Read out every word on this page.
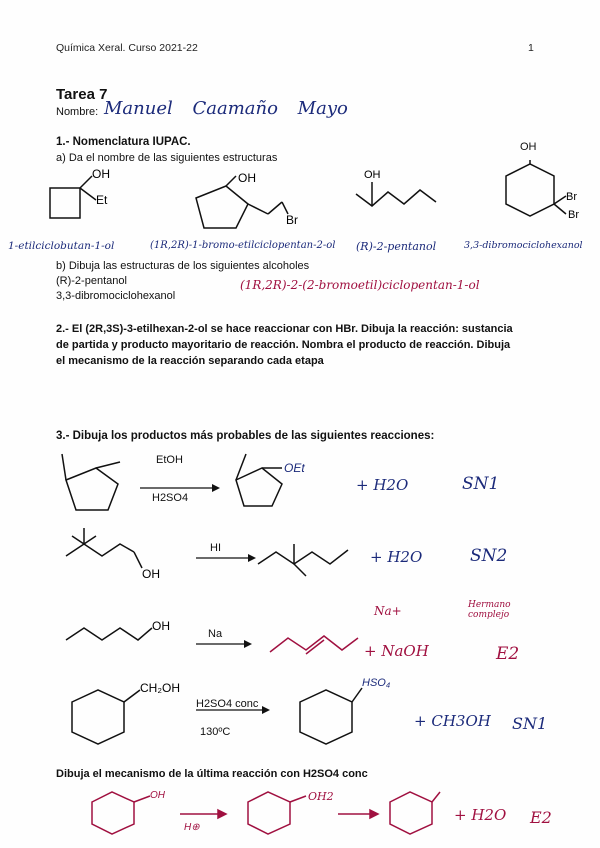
Química Xeral. Curso 2021-22	1
Tarea 7
Nombre: Manuel Caamaño Mayo
1.- Nomenclatura IUPAC.
a) Da el nombre de las siguientes estructuras
OH
Et
OH
Br
OH
Br
Br
OH
1-etilciclobutan-1-ol	(1R,2R)-1-bromo-etilciclopentan-2-ol (R)-2-pentanol	3,3-dibromociclohexanol
b) Dibuja las estructuras de los siguientes alcoholes
(R)-2-pentanol
3,3-dibromociclohexanol
(1R,2R)-2-(2-bromoetil)ciclopentan-1-ol
2.- El (2R,3S)-3-etilhexan-2-ol se hace reaccionar con HBr. Dibuja la reacción: sustancia
de partida y producto mayoritario de reacción. Nombra el producto de reacción. Dibuja
el mecanismo de la reacción separando cada etapa
3.- Dibuja los productos más probables de las siguientes reacciones:
OEt
OH
OH
CH₂OH	HSO₄
EtOH
H2SO4
+ H2O	SN1
HI	+ H2O	SN2
Na
Na+	Hermano complejo
+ NaOH	E2
H2SO4 conc
130ºC
+ CH3OH SN1
Dibuja el mecanismo de la última reacción con H2SO4 conc
OH
H⊕
OH2
+ H2O E2
